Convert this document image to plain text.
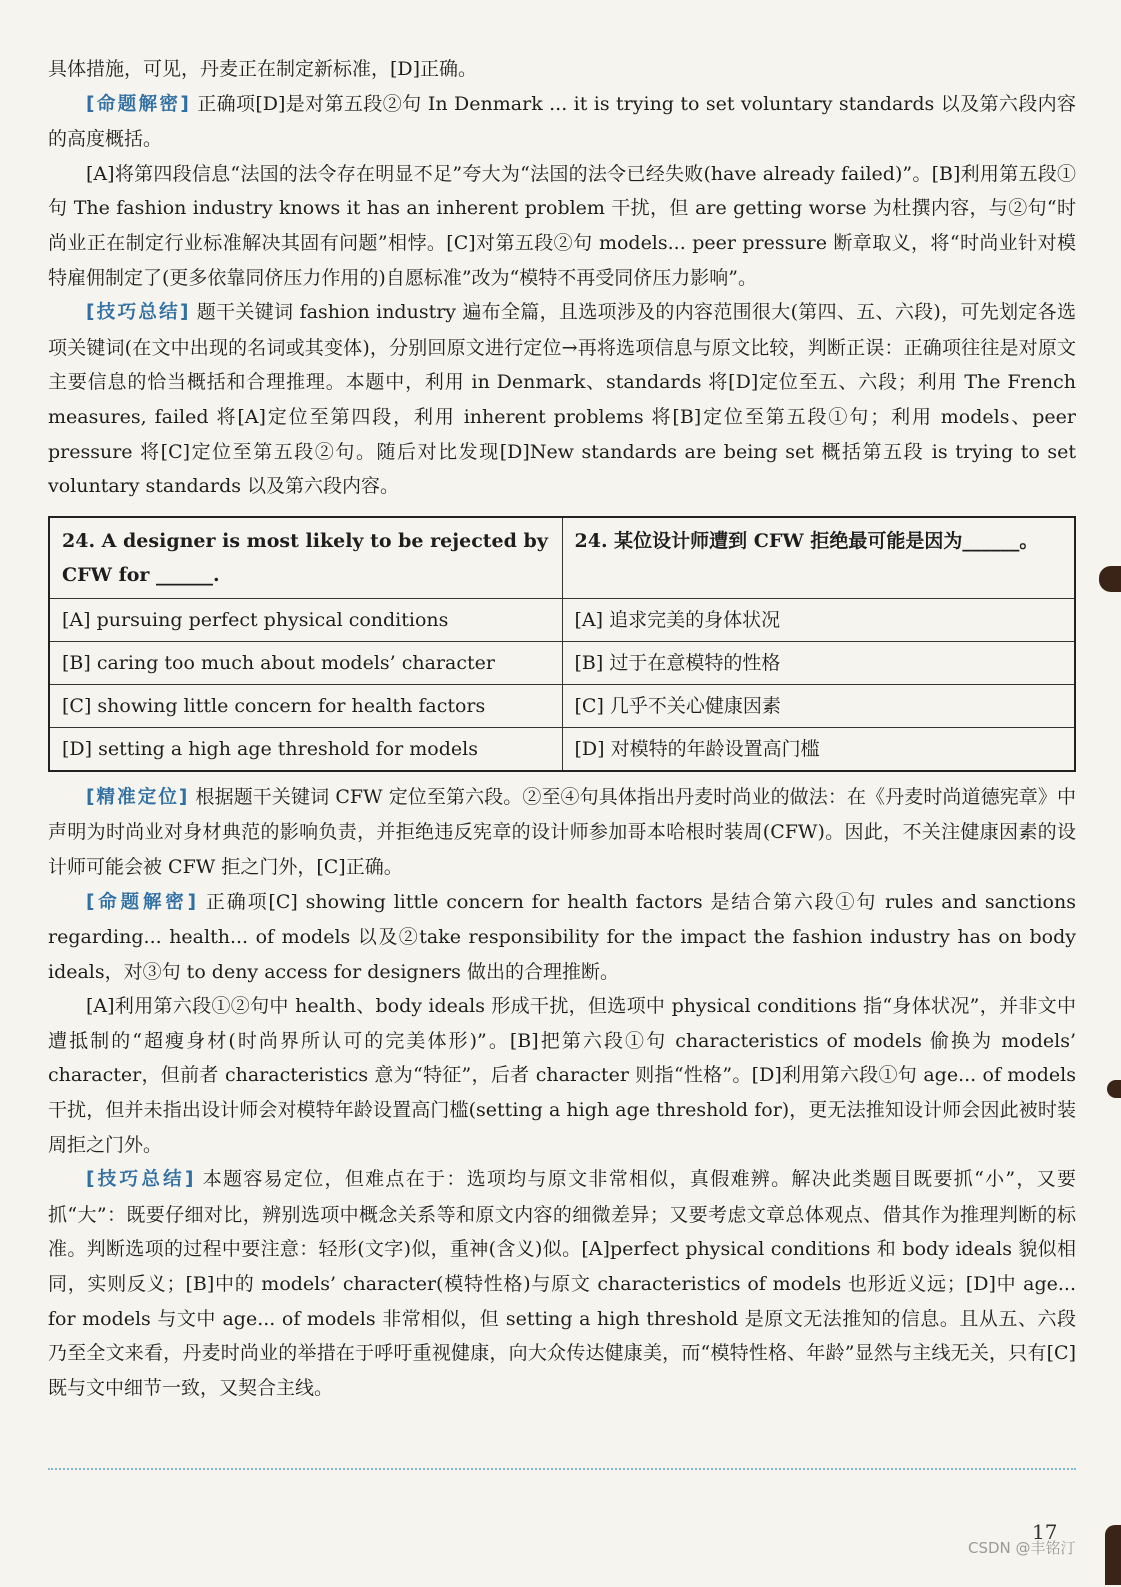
具体措施，可见，丹麦正在制定新标准，[D]正确。

[命题解密] 正确项[D]是对第五段②句 In Denmark ... it is trying to set voluntary standards 以及第六段内容的高度概括。

[A]将第四段信息“法国的法令存在明显不足”夸大为“法国的法令已经失败(have already failed)”。[B]利用第五段①句 The fashion industry knows it has an inherent problem 干扰，但 are getting worse 为杜撰内容，与②句“时尚业正在制定行业标准解决其固有问题”相悖。[C]对第五段②句 models... peer pressure 断章取义，将“时尚业针对模特雇佣制定了(更多依靠同侪压力作用的)自愿标准”改为“模特不再受同侪压力影响”。

[技巧总结] 题干关键词 fashion industry 遍布全篇，且选项涉及的内容范围很大(第四、五、六段)，可先划定各选项关键词(在文中出现的名词或其变体)，分别回原文进行定位→再将选项信息与原文比较，判断正误：正确项往往是对原文主要信息的恰当概括和合理推理。本题中，利用 in Denmark、standards 将[D]定位至五、六段；利用 The French measures, failed 将[A]定位至第四段，利用 inherent problems 将[B]定位至第五段①句；利用 models、peer pressure 将[C]定位至第五段②句。随后对比发现[D]New standards are being set 概括第五段 is trying to set voluntary standards 以及第六段内容。

24. A designer is most likely to be rejected by CFW for ______.	24. 某位设计师遭到 CFW 拒绝最可能是因为______。
[A] pursuing perfect physical conditions	[A] 追求完美的身体状况
[B] caring too much about models’ character	[B] 过于在意模特的性格
[C] showing little concern for health factors	[C] 几乎不关心健康因素
[D] setting a high age threshold for models	[D] 对模特的年龄设置高门槛

[精准定位] 根据题干关键词 CFW 定位至第六段。②至④句具体指出丹麦时尚业的做法：在《丹麦时尚道德宪章》中声明为时尚业对身材典范的影响负责，并拒绝违反宪章的设计师参加哥本哈根时装周(CFW)。因此，不关注健康因素的设计师可能会被 CFW 拒之门外，[C]正确。

[命题解密] 正确项[C] showing little concern for health factors 是结合第六段①句 rules and sanctions regarding... health... of models 以及②take responsibility for the impact the fashion industry has on body ideals，对③句 to deny access for designers 做出的合理推断。

[A]利用第六段①②句中 health、body ideals 形成干扰，但选项中 physical conditions 指“身体状况”，并非文中遭抵制的“超瘦身材(时尚界所认可的完美体形)”。[B]把第六段①句 characteristics of models 偷换为 models’ character，但前者 characteristics 意为“特征”，后者 character 则指“性格”。[D]利用第六段①句 age... of models 干扰，但并未指出设计师会对模特年龄设置高门槛(setting a high age threshold for)，更无法推知设计师会因此被时装周拒之门外。

[技巧总结] 本题容易定位，但难点在于：选项均与原文非常相似，真假难辨。解决此类题目既要抓“小”，又要抓“大”：既要仔细对比，辨别选项中概念关系等和原文内容的细微差异；又要考虑文章总体观点、借其作为推理判断的标准。判断选项的过程中要注意：轻形(文字)似，重神(含义)似。[A]perfect physical conditions 和 body ideals 貌似相同，实则反义；[B]中的 models’ character(模特性格)与原文 characteristics of models 也形近义远；[D]中 age... for models 与文中 age... of models 非常相似，但 setting a high threshold 是原文无法推知的信息。且从五、六段乃至全文来看，丹麦时尚业的举措在于呼吁重视健康，向大众传达健康美，而“模特性格、年龄”显然与主线无关，只有[C]既与文中细节一致，又契合主线。

17
CSDN @丰铭汀
